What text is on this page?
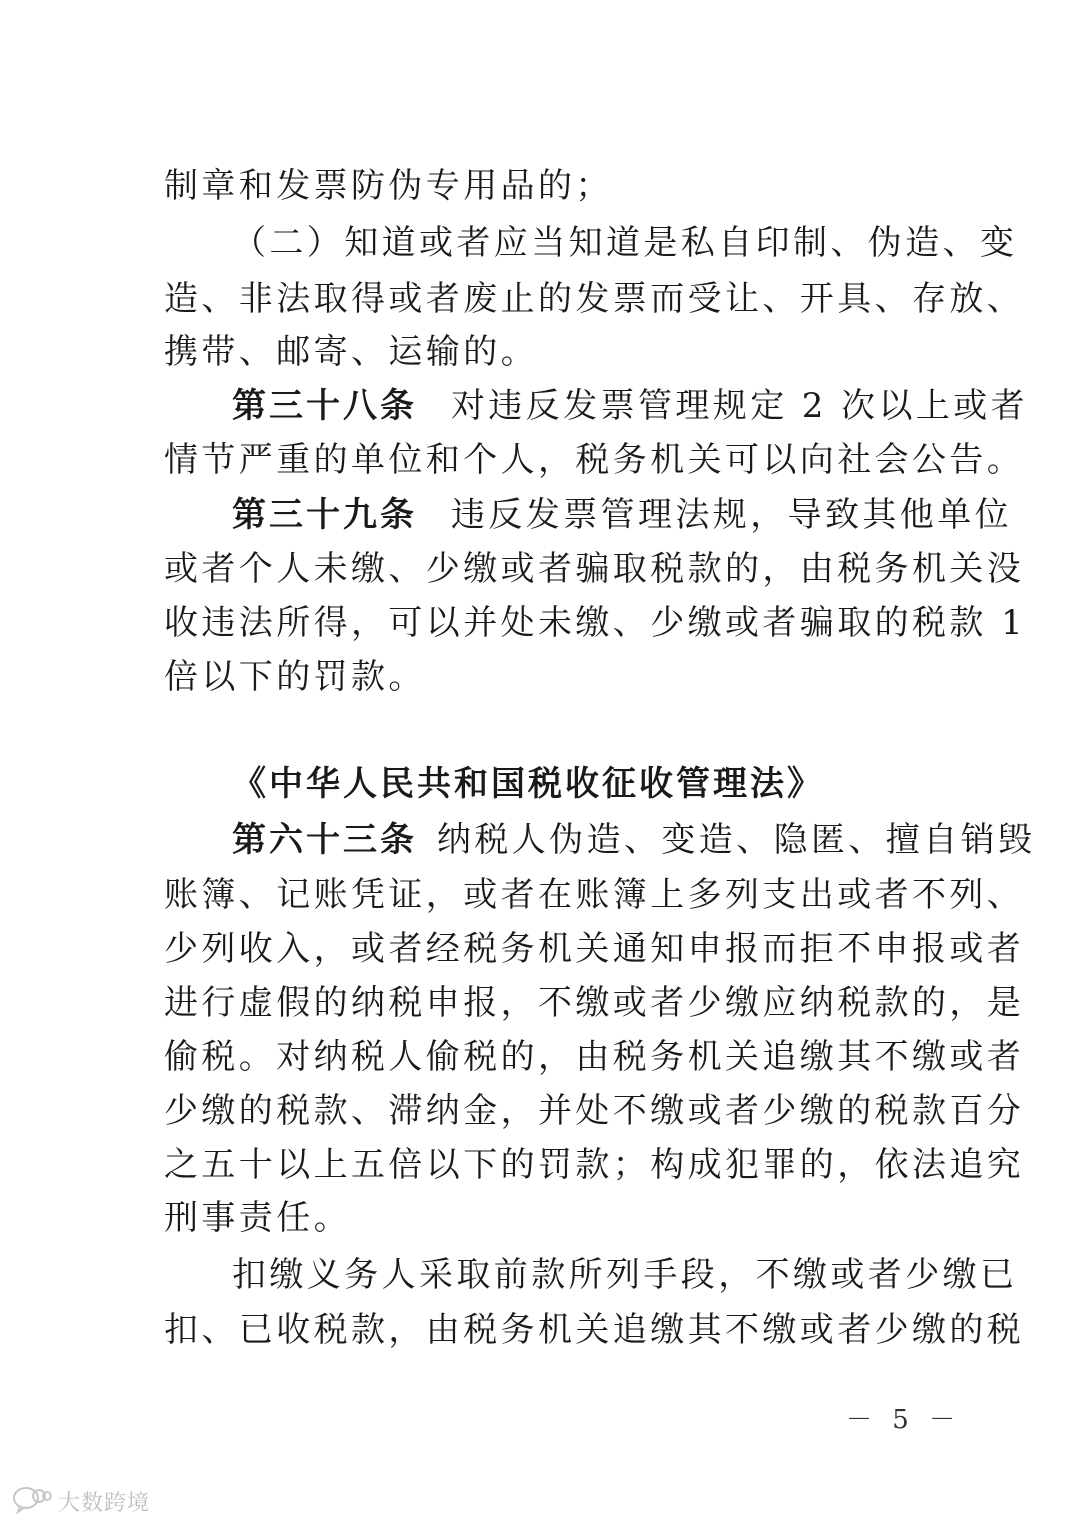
制章和发票防伪专用品的；
（二）知道或者应当知道是私自印制、伪造、变
造、非法取得或者废止的发票而受让、开具、存放、
携带、邮寄、运输的。
第三十八条 对违反发票管理规定 2 次以上或者
情节严重的单位和个人，税务机关可以向社会公告。
第三十九条 违反发票管理法规，导致其他单位
或者个人未缴、少缴或者骗取税款的，由税务机关没
收违法所得，可以并处未缴、少缴或者骗取的税款 1
倍以下的罚款。
《中华人民共和国税收征收管理法》
第六十三条 纳税人伪造、变造、隐匿、擅自销毁
账簿、记账凭证，或者在账簿上多列支出或者不列、
少列收入，或者经税务机关通知申报而拒不申报或者
进行虚假的纳税申报，不缴或者少缴应纳税款的，是
偷税。对纳税人偷税的，由税务机关追缴其不缴或者
少缴的税款、滞纳金，并处不缴或者少缴的税款百分
之五十以上五倍以下的罚款；构成犯罪的，依法追究
刑事责任。
扣缴义务人采取前款所列手段，不缴或者少缴已
扣、已收税款，由税务机关追缴其不缴或者少缴的税
－ 5 －
大数跨境
